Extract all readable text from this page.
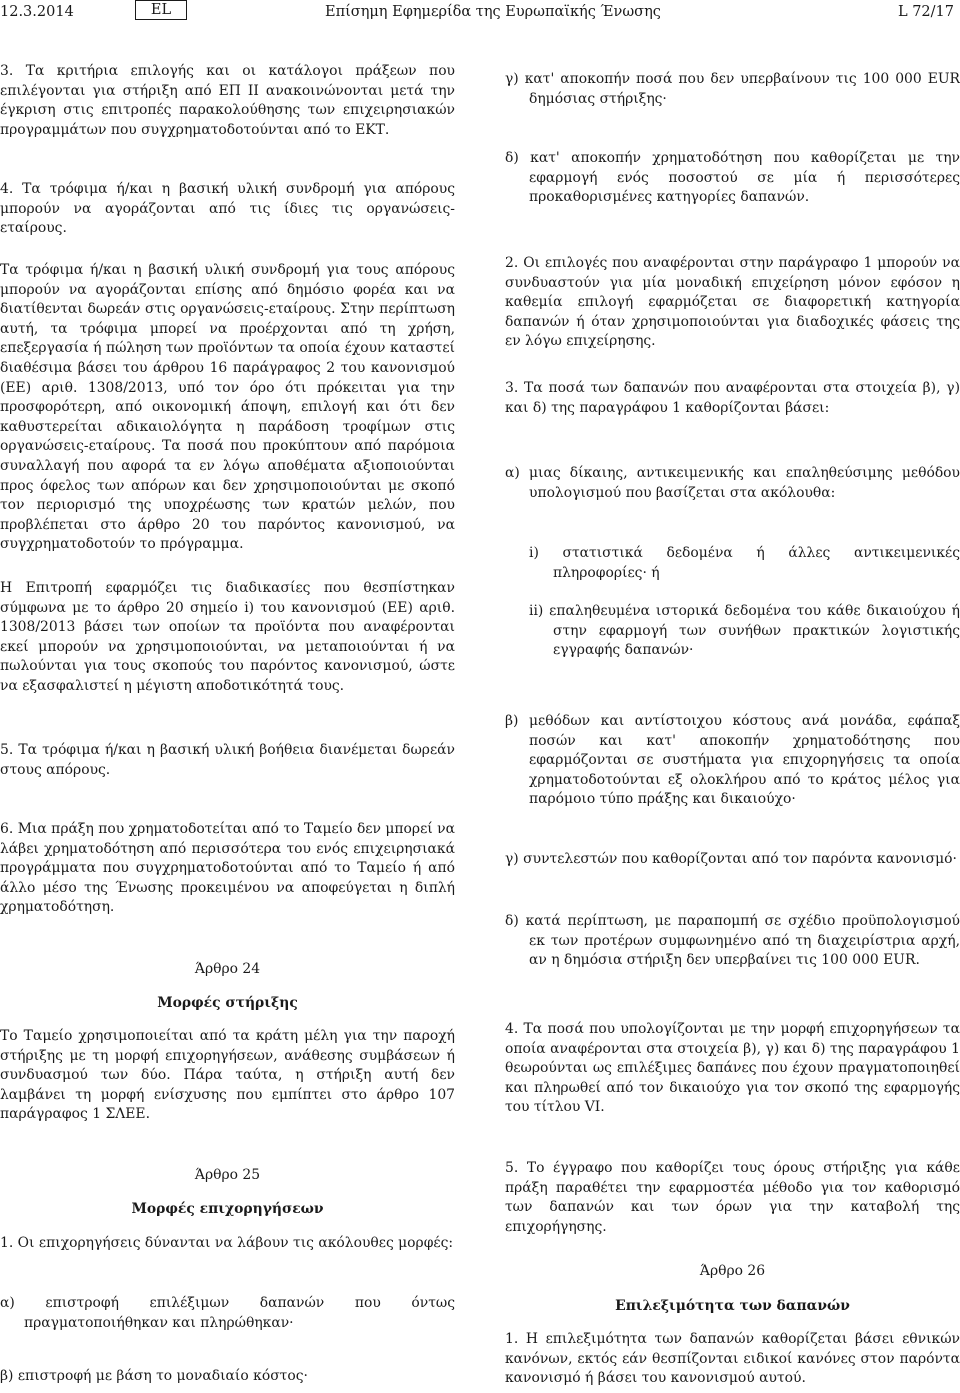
12.3.2014	EL	Επίσημη Εφημερίδα της Ευρωπαϊκής Ένωσης	L 72/17

3. Τα κριτήρια επιλογής και οι κατάλογοι πράξεων που επιλέγονται για στήριξη από ΕΠ ΙΙ ανακοινώνονται μετά την έγκριση στις επιτροπές παρακολούθησης των επιχειρησιακών προγραμμάτων που συγχρηματοδοτούνται από το ΕΚΤ.

4. Τα τρόφιμα ή/και η βασική υλική συνδρομή για απόρους μπορούν να αγοράζονται από τις ίδιες τις οργανώσεις-εταίρους.

Τα τρόφιμα ή/και η βασική υλική συνδρομή για τους απόρους μπορούν να αγοράζονται επίσης από δημόσιο φορέα και να διατίθενται δωρεάν στις οργανώσεις-εταίρους. Στην περίπτωση αυτή, τα τρόφιμα μπορεί να προέρχονται από τη χρήση, επεξεργασία ή πώληση των προϊόντων τα οποία έχουν καταστεί διαθέσιμα βάσει του άρθρου 16 παράγραφος 2 του κανονισμού (ΕΕ) αριθ. 1308/2013, υπό τον όρο ότι πρόκειται για την προσφορότερη, από οικονομική άποψη, επιλογή και ότι δεν καθυστερείται αδικαιολόγητα η παράδοση τροφίμων στις οργανώσεις-εταίρους. Τα ποσά που προκύπτουν από παρόμοια συναλλαγή που αφορά τα εν λόγω αποθέματα αξιοποιούνται προς όφελος των απόρων και δεν χρησιμοποιούνται με σκοπό τον περιορισμό της υποχρέωσης των κρατών μελών, που προβλέπεται στο άρθρο 20 του παρόντος κανονισμού, να συγχρηματοδοτούν το πρόγραμμα.

Η Επιτροπή εφαρμόζει τις διαδικασίες που θεσπίστηκαν σύμφωνα με το άρθρο 20 σημείο i) του κανονισμού (ΕΕ) αριθ. 1308/2013 βάσει των οποίων τα προϊόντα που αναφέρονται εκεί μπορούν να χρησιμοποιούνται, να μεταποιούνται ή να πωλούνται για τους σκοπούς του παρόντος κανονισμού, ώστε να εξασφαλιστεί η μέγιστη αποδοτικότητά τους.

5. Τα τρόφιμα ή/και η βασική υλική βοήθεια διανέμεται δωρεάν στους απόρους.

6. Μια πράξη που χρηματοδοτείται από το Ταμείο δεν μπορεί να λάβει χρηματοδότηση από περισσότερα του ενός επιχειρησιακά προγράμματα που συγχρηματοδοτούνται από το Ταμείο ή από άλλο μέσο της Ένωσης προκειμένου να αποφεύγεται η διπλή χρηματοδότηση.

Άρθρο 24

Μορφές στήριξης

Το Ταμείο χρησιμοποιείται από τα κράτη μέλη για την παροχή στήριξης με τη μορφή επιχορηγήσεων, ανάθεσης συμβάσεων ή συνδυασμού των δύο. Πάρα ταύτα, η στήριξη αυτή δεν λαμβάνει τη μορφή ενίσχυσης που εμπίπτει στο άρθρο 107 παράγραφος 1 ΣΛΕΕ.

Άρθρο 25

Μορφές επιχορηγήσεων

1. Οι επιχορηγήσεις δύνανται να λάβουν τις ακόλουθες μορφές:

α) επιστροφή επιλέξιμων δαπανών που όντως πραγματοποιήθηκαν και πληρώθηκαν·

β) επιστροφή με βάση το μοναδιαίο κόστος·

γ) κατ' αποκοπήν ποσά που δεν υπερβαίνουν τις 100 000 EUR δημόσιας στήριξης·

δ) κατ' αποκοπήν χρηματοδότηση που καθορίζεται με την εφαρμογή ενός ποσοστού σε μία ή περισσότερες προκαθορισμένες κατηγορίες δαπανών.

2. Οι επιλογές που αναφέρονται στην παράγραφο 1 μπορούν να συνδυαστούν για μία μοναδική επιχείρηση μόνον εφόσον η καθεμία επιλογή εφαρμόζεται σε διαφορετική κατηγορία δαπανών ή όταν χρησιμοποιούνται για διαδοχικές φάσεις της εν λόγω επιχείρησης.

3. Τα ποσά των δαπανών που αναφέρονται στα στοιχεία β), γ) και δ) της παραγράφου 1 καθορίζονται βάσει:

α) μιας δίκαιης, αντικειμενικής και επαληθεύσιμης μεθόδου υπολογισμού που βασίζεται στα ακόλουθα:

i) στατιστικά δεδομένα ή άλλες αντικειμενικές πληροφορίες· ή

ii) επαληθευμένα ιστορικά δεδομένα του κάθε δικαιούχου ή στην εφαρμογή των συνήθων πρακτικών λογιστικής εγγραφής δαπανών·

β) μεθόδων και αντίστοιχου κόστους ανά μονάδα, εφάπαξ ποσών και κατ' αποκοπήν χρηματοδότησης που εφαρμόζονται σε συστήματα για επιχορηγήσεις τα οποία χρηματοδοτούνται εξ ολοκλήρου από το κράτος μέλος για παρόμοιο τύπο πράξης και δικαιούχο·

γ) συντελεστών που καθορίζονται από τον παρόντα κανονισμό·

δ) κατά περίπτωση, με παραπομπή σε σχέδιο προϋπολογισμού εκ των προτέρων συμφωνημένο από τη διαχειρίστρια αρχή, αν η δημόσια στήριξη δεν υπερβαίνει τις 100 000 EUR.

4. Τα ποσά που υπολογίζονται με την μορφή επιχορηγήσεων τα οποία αναφέρονται στα στοιχεία β), γ) και δ) της παραγράφου 1 θεωρούνται ως επιλέξιμες δαπάνες που έχουν πραγματοποιηθεί και πληρωθεί από τον δικαιούχο για τον σκοπό της εφαρμογής του τίτλου VI.

5. Το έγγραφο που καθορίζει τους όρους στήριξης για κάθε πράξη παραθέτει την εφαρμοστέα μέθοδο για τον καθορισμό των δαπανών και των όρων για την καταβολή της επιχορήγησης.

Άρθρο 26

Επιλεξιμότητα των δαπανών

1. Η επιλεξιμότητα των δαπανών καθορίζεται βάσει εθνικών κανόνων, εκτός εάν θεσπίζονται ειδικοί κανόνες στον παρόντα κανονισμό ή βάσει του κανονισμού αυτού.
